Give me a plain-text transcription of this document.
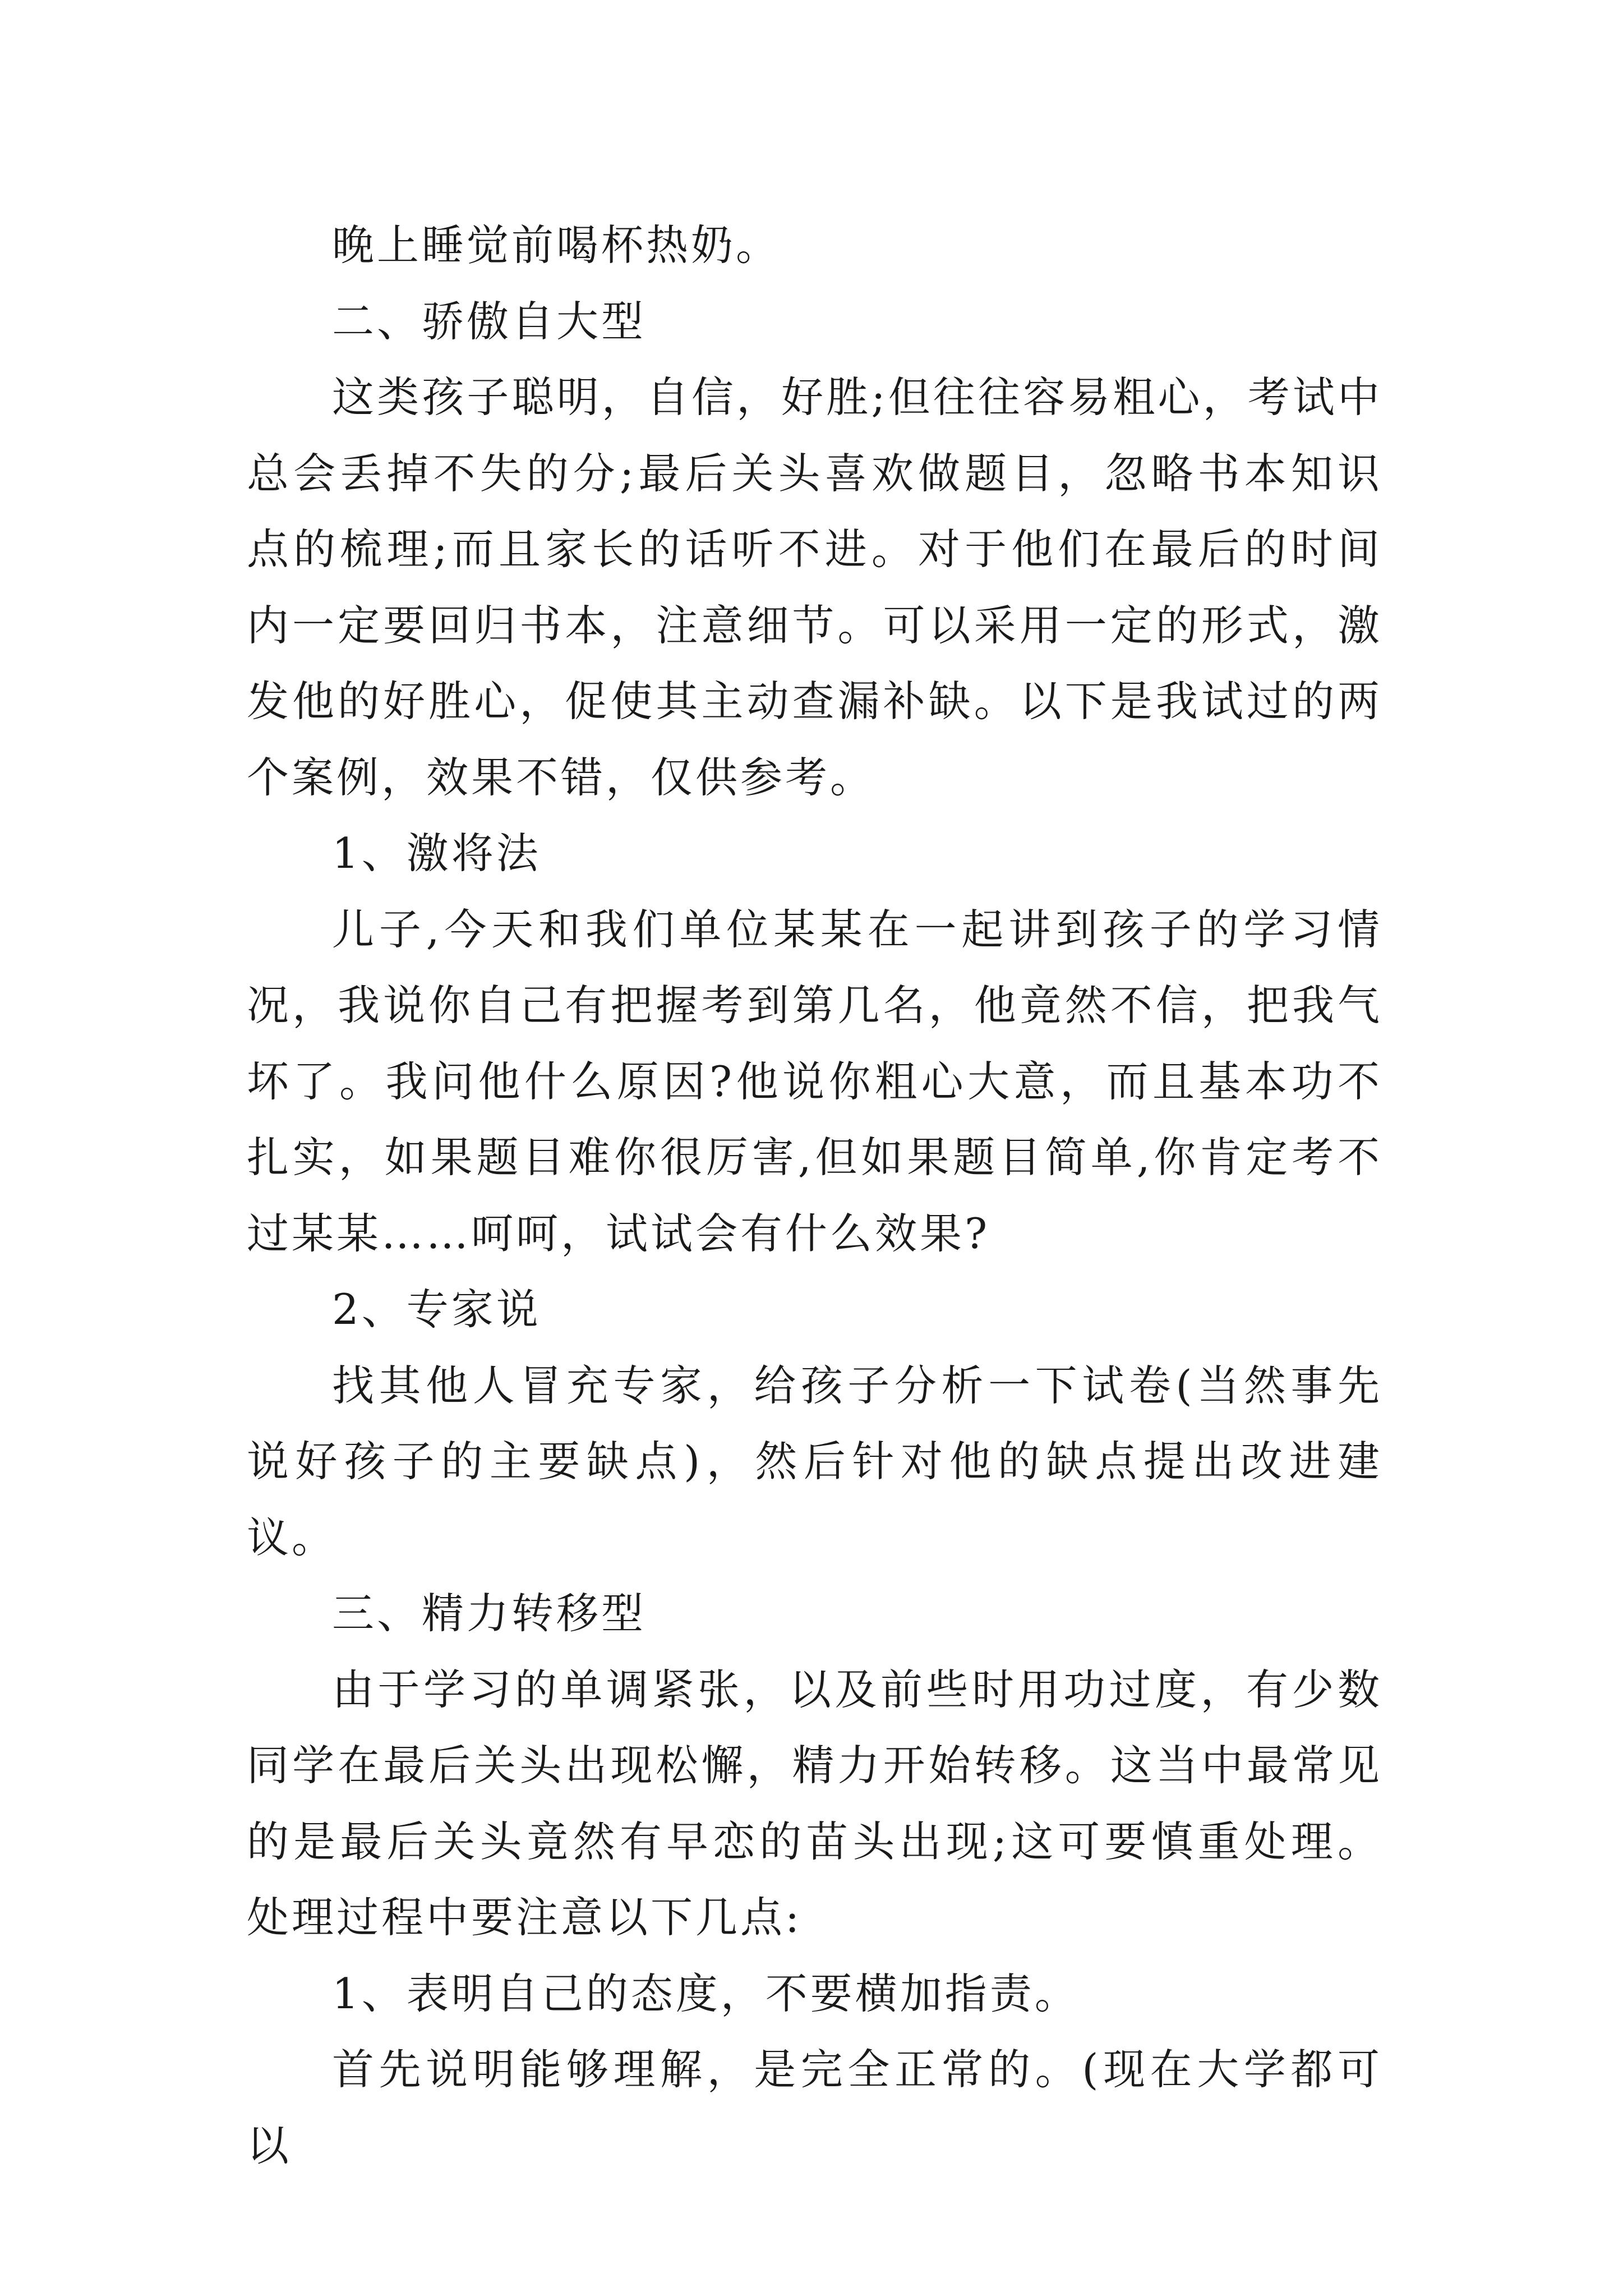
晚上睡觉前喝杯热奶。

二、骄傲自大型

这类孩子聪明，自信，好胜;但往往容易粗心，考试中总会丢掉不失的分;最后关头喜欢做题目，忽略书本知识点的梳理;而且家长的话听不进。对于他们在最后的时间内一定要回归书本，注意细节。可以采用一定的形式，激发他的好胜心，促使其主动查漏补缺。以下是我试过的两个案例，效果不错，仅供参考。

1、激将法

儿子,今天和我们单位某某在一起讲到孩子的学习情况，我说你自己有把握考到第几名，他竟然不信，把我气坏了。我问他什么原因?他说你粗心大意，而且基本功不扎实，如果题目难你很厉害,但如果题目简单,你肯定考不过某某……呵呵，试试会有什么效果?

2、专家说

找其他人冒充专家，给孩子分析一下试卷(当然事先说好孩子的主要缺点)，然后针对他的缺点提出改进建议。

三、精力转移型

由于学习的单调紧张，以及前些时用功过度，有少数同学在最后关头出现松懈，精力开始转移。这当中最常见的是最后关头竟然有早恋的苗头出现;这可要慎重处理。处理过程中要注意以下几点:

1、表明自己的态度，不要横加指责。

首先说明能够理解，是完全正常的。(现在大学都可以
